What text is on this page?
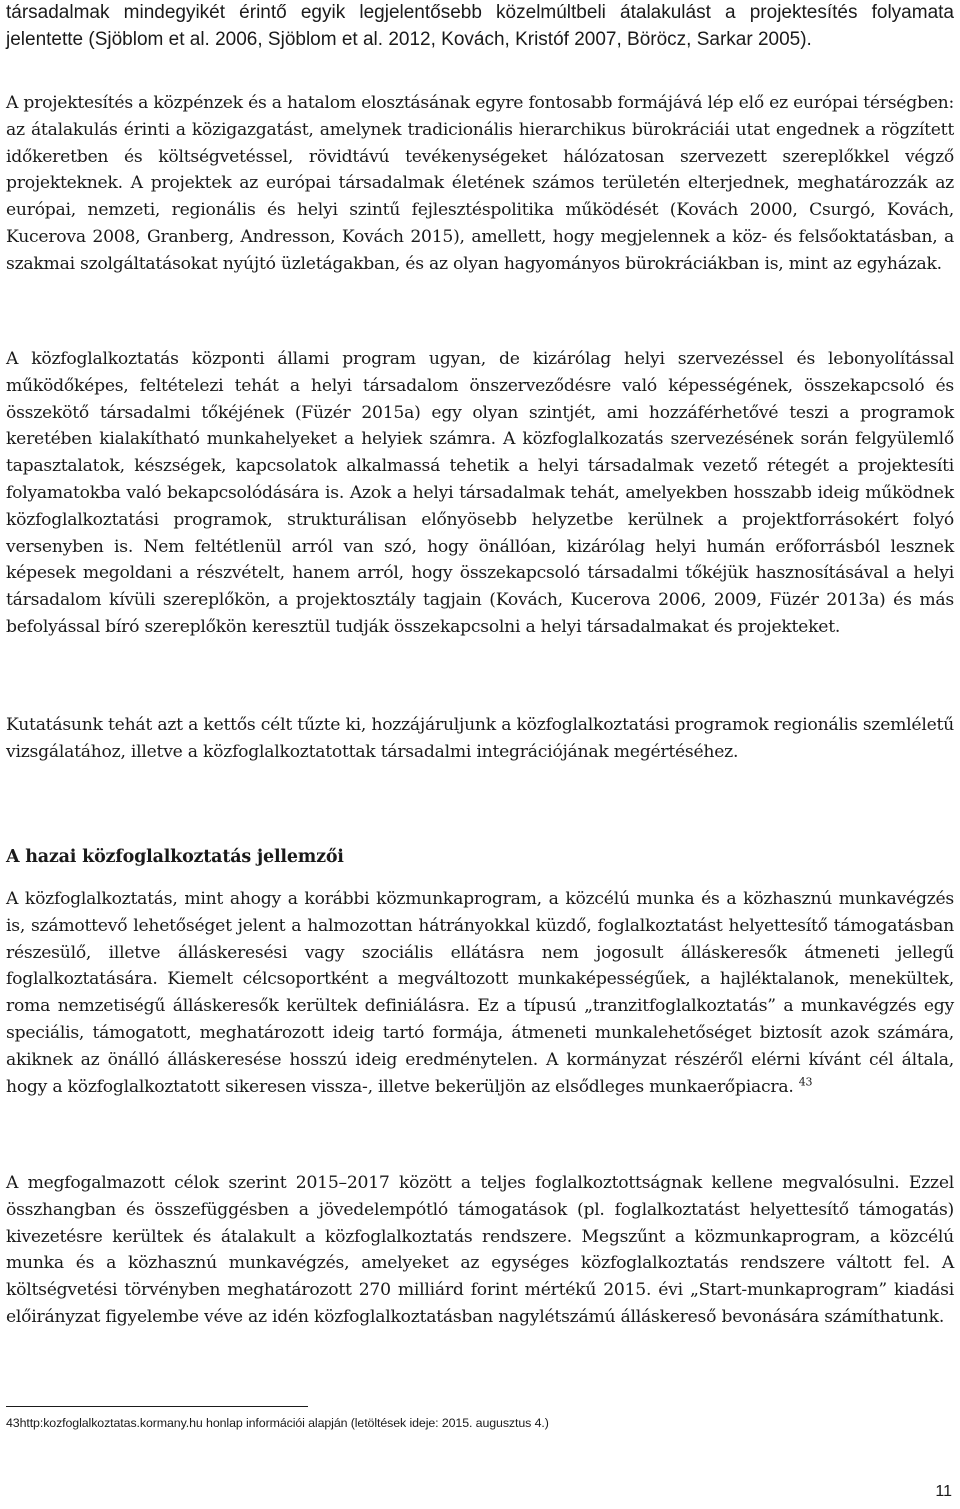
társadalmak mindegyikét érintő egyik legjelentősebb közelmúltbeli átalakulást a projektesítés folyamata jelentette (Sjöblom et al. 2006, Sjöblom et al. 2012, Kovách, Kristóf 2007, Böröcz, Sarkar 2005).

A projektesítés a közpénzek és a hatalom elosztásának egyre fontosabb formájává lép elő ez európai térségben: az átalakulás érinti a közigazgatást, amelynek tradicionális hierarchikus bürokráciái utat engednek a rögzített időkeretben és költségvetéssel, rövidtávú tevékenységeket hálózatosan szervezett szereplőkkel végző projekteknek. A projektek az európai társadalmak életének számos területén elterjednek, meghatározzák az európai, nemzeti, regionális és helyi szintű fejlesztéspolitika működését (Kovách 2000, Csurgó, Kovách, Kucerova 2008, Granberg, Andresson, Kovách 2015), amellett, hogy megjelennek a köz- és felsőoktatásban, a szakmai szolgáltatásokat nyújtó üzletágakban, és az olyan hagyományos bürokráciákban is, mint az egyházak.

A közfoglalkoztatás központi állami program ugyan, de kizárólag helyi szervezéssel és lebonyolítással működőképes, feltételezi tehát a helyi társadalom önszerveződésre való képességének, összekapcsoló és összekötő társadalmi tőkéjének (Füzér 2015a) egy olyan szintjét, ami hozzáférhetővé teszi a programok keretében kialakítható munkahelyeket a helyiek számra. A közfoglalkozatás szervezésének során felgyülemlő tapasztalatok, készségek, kapcsolatok alkalmassá tehetik a helyi társadalmak vezető rétegét a projektesíti folyamatokba való bekapcsolódására is. Azok a helyi társadalmak tehát, amelyekben hosszabb ideig működnek közfoglalkoztatási programok, strukturálisan előnyösebb helyzetbe kerülnek a projektforrásokért folyó versenyben is. Nem feltétlenül arról van szó, hogy önállóan, kizárólag helyi humán erőforrásból lesznek képesek megoldani a részvételt, hanem arról, hogy összekapcsoló társadalmi tőkéjük hasznosításával a helyi társadalom kívüli szereplőkön, a projektosztály tagjain (Kovách, Kucerova 2006, 2009, Füzér 2013a) és más befolyással bíró szereplőkön keresztül tudják összekapcsolni a helyi társadalmakat és projekteket.

Kutatásunk tehát azt a kettős célt tűzte ki, hozzájáruljunk a közfoglalkoztatási programok regionális szemléletű vizsgálatához, illetve a közfoglalkoztatottak társadalmi integrációjának megértéséhez.

A hazai közfoglalkoztatás jellemzői

A közfoglalkoztatás, mint ahogy a korábbi közmunkaprogram, a közcélú munka és a közhasznú munkavégzés is, számottevő lehetőséget jelent a halmozottan hátrányokkal küzdő, foglalkoztatást helyettesítő támogatásban részesülő, illetve álláskeresési vagy szociális ellátásra nem jogosult álláskeresők átmeneti jellegű foglalkoztatására. Kiemelt célcsoportként a megváltozott munkaképességűek, a hajléktalanok, menekültek, roma nemzetiségű álláskeresők kerültek definiálásra. Ez a típusú „tranzitfoglalkoztatás” a munkavégzés egy speciális, támogatott, meghatározott ideig tartó formája, átmeneti munkalehetőséget biztosít azok számára, akiknek az önálló álláskeresése hosszú ideig eredménytelen. A kormányzat részéről elérni kívánt cél általa, hogy a közfoglalkoztatott sikeresen vissza-, illetve bekerüljön az elsődleges munkaerőpiacra. $^{43}$

A megfogalmazott célok szerint 2015–2017 között a teljes foglalkoztottságnak kellene megvalósulni. Ezzel összhangban és összefüggésben a jövedelempótló támogatások (pl. foglalkoztatást helyettesítő támogatás) kivezetésre kerültek és átalakult a közfoglalkoztatás rendszere. Megszűnt a közmunkaprogram, a közcélú munka és a közhasznú munkavégzés, amelyeket az egységes közfoglalkoztatás rendszere váltott fel. A költségvetési törvényben meghatározott 270 milliárd forint mértékű 2015. évi „Start-munkaprogram” kiadási előirányzat figyelembe véve az idén közfoglalkoztatásban nagylétszámú álláskereső bevonására számíthatunk.

43http:kozfoglalkoztatas.kormany.hu honlap információi alapján (letöltések ideje: 2015. augusztus 4.)

11
